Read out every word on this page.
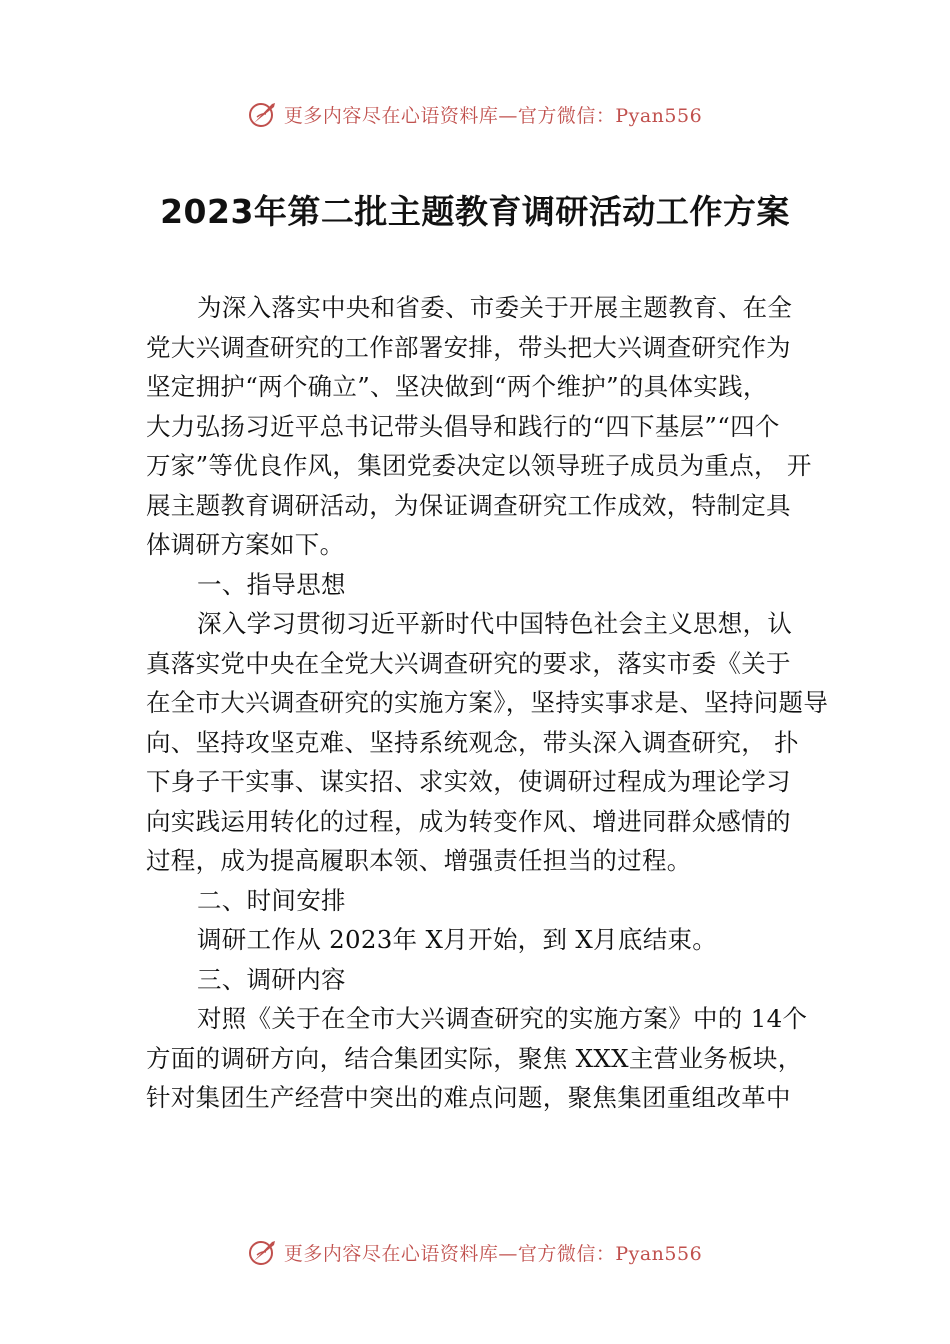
更多内容尽在心语资料库—官方微信：Pyan556
2023年第二批主题教育调研活动工作方案
为深入落实中央和省委、市委关于开展主题教育、在全
党大兴调查研究的工作部署安排，带头把大兴调查研究作为
坚定拥护“两个确立”、坚决做到“两个维护”的具体实践，
大力弘扬习近平总书记带头倡导和践行的“四下基层”“四个
万家”等优良作风，集团党委决定以领导班子成员为重点， 开
展主题教育调研活动，为保证调查研究工作成效，特制定具
体调研方案如下。
一、指导思想
深入学习贯彻习近平新时代中国特色社会主义思想，认
真落实党中央在全党大兴调查研究的要求，落实市委《关于
在全市大兴调查研究的实施方案》，坚持实事求是、坚持问题导
向、坚持攻坚克难、坚持系统观念，带头深入调查研究， 扑
下身子干实事、谋实招、求实效，使调研过程成为理论学习
向实践运用转化的过程，成为转变作风、增进同群众感情的
过程，成为提高履职本领、增强责任担当的过程。
二、时间安排
调研工作从 2023年 X月开始，到 X月底结束。
三、调研内容
对照《关于在全市大兴调查研究的实施方案》中的 14个
方面的调研方向，结合集团实际，聚焦 XXX主营业务板块，
针对集团生产经营中突出的难点问题，聚焦集团重组改革中
更多内容尽在心语资料库—官方微信：Pyan556
